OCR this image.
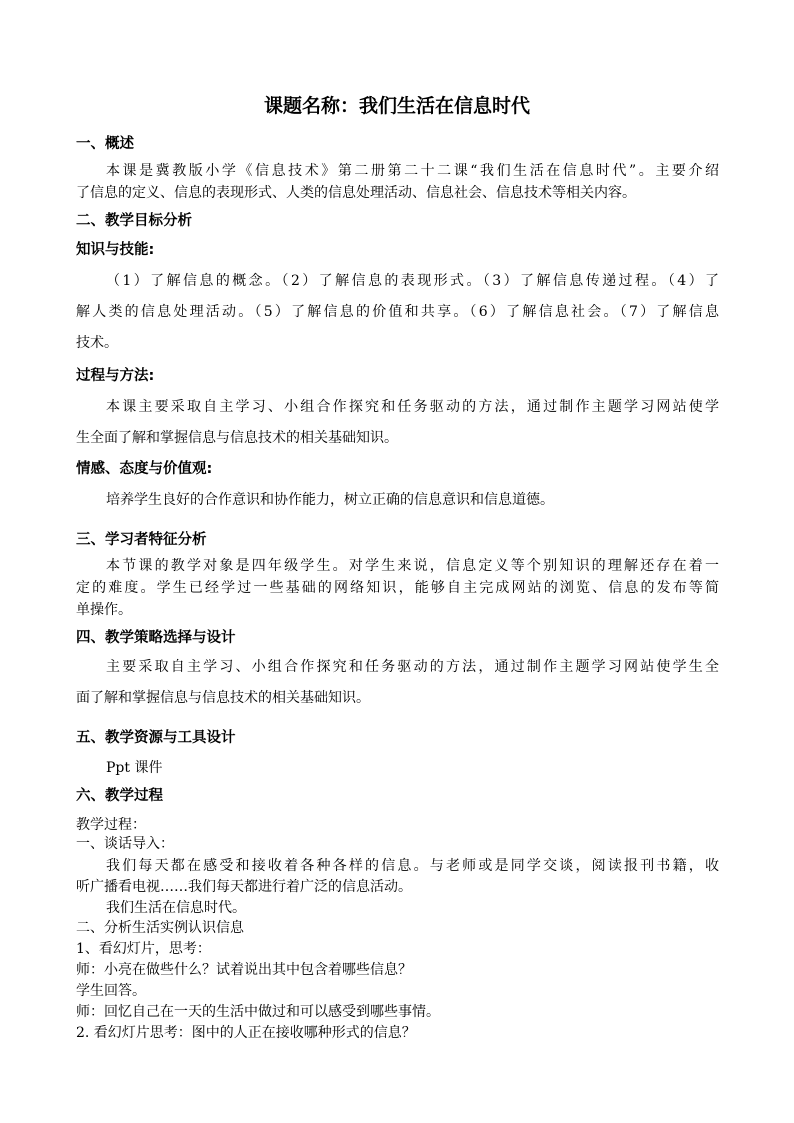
课题名称：我们生活在信息时代
一、概述
本课是冀教版小学《信息技术》第二册第二十二课“我们生活在信息时代”。主要介绍
了信息的定义、信息的表现形式、人类的信息处理活动、信息社会、信息技术等相关内容。
二、教学目标分析
知识与技能:
（1）了解信息的概念。（2）了解信息的表现形式。（3）了解信息传递过程。（4）了
解人类的信息处理活动。（5）了解信息的价值和共享。（6）了解信息社会。（7）了解信息
技术。
过程与方法:
本课主要采取自主学习、小组合作探究和任务驱动的方法，通过制作主题学习网站使学
生全面了解和掌握信息与信息技术的相关基础知识。
情感、态度与价值观:
培养学生良好的合作意识和协作能力，树立正确的信息意识和信息道德。
三、学习者特征分析
本节课的教学对象是四年级学生。对学生来说，信息定义等个别知识的理解还存在着一
定的难度。学生已经学过一些基础的网络知识，能够自主完成网站的浏览、信息的发布等简
单操作。
四、教学策略选择与设计
主要采取自主学习、小组合作探究和任务驱动的方法，通过制作主题学习网站使学生全
面了解和掌握信息与信息技术的相关基础知识。
五、教学资源与工具设计
Ppt 课件
六、教学过程
教学过程：
一、谈话导入：
我们每天都在感受和接收着各种各样的信息。与老师或是同学交谈，阅读报刊书籍，收
听广播看电视……我们每天都进行着广泛的信息活动。
我们生活在信息时代。
二、分析生活实例认识信息
1、看幻灯片，思考：
师：小亮在做些什么？试着说出其中包含着哪些信息？
学生回答。
师：回忆自己在一天的生活中做过和可以感受到哪些事情。
2. 看幻灯片思考：图中的人正在接收哪种形式的信息？
